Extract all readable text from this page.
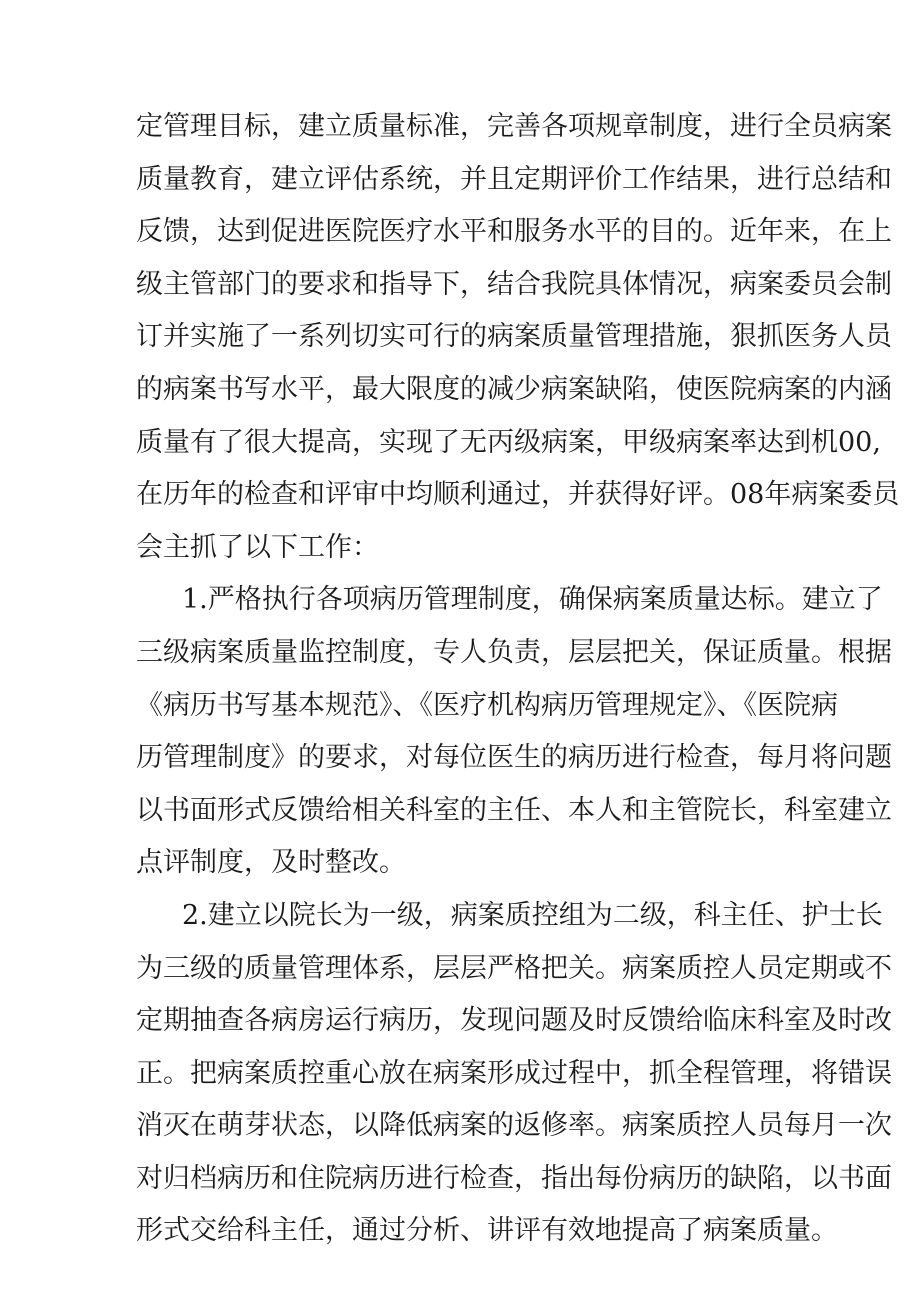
定管理目标，建立质量标准，完善各项规章制度，进行全员病案
质量教育，建立评估系统，并且定期评价工作结果，进行总结和
反馈，达到促进医院医疗水平和服务水平的目的。近年来，在上
级主管部门的要求和指导下，结合我院具体情况，病案委员会制
订并实施了一系列切实可行的病案质量管理措施，狠抓医务人员
的病案书写水平，最大限度的减少病案缺陷，使医院病案的内涵
质量有了很大提高，实现了无丙级病案，甲级病案率达到机00,
在历年的检查和评审中均顺利通过，并获得好评。08年病案委员
会主抓了以下工作：
1.严格执行各项病历管理制度，确保病案质量达标。建立了
三级病案质量监控制度，专人负责，层层把关，保证质量。根据
《病历书写基本规范》、《医疗机构病历管理规定》、《医院病
历管理制度》的要求，对每位医生的病历进行检查，每月将问题
以书面形式反馈给相关科室的主任、本人和主管院长，科室建立
点评制度，及时整改。
2.建立以院长为一级，病案质控组为二级，科主任、护士长
为三级的质量管理体系，层层严格把关。病案质控人员定期或不
定期抽查各病房运行病历，发现问题及时反馈给临床科室及时改
正。把病案质控重心放在病案形成过程中，抓全程管理，将错误
消灭在萌芽状态，以降低病案的返修率。病案质控人员每月一次
对归档病历和住院病历进行检查，指出每份病历的缺陷，以书面
形式交给科主任，通过分析、讲评有效地提高了病案质量。
